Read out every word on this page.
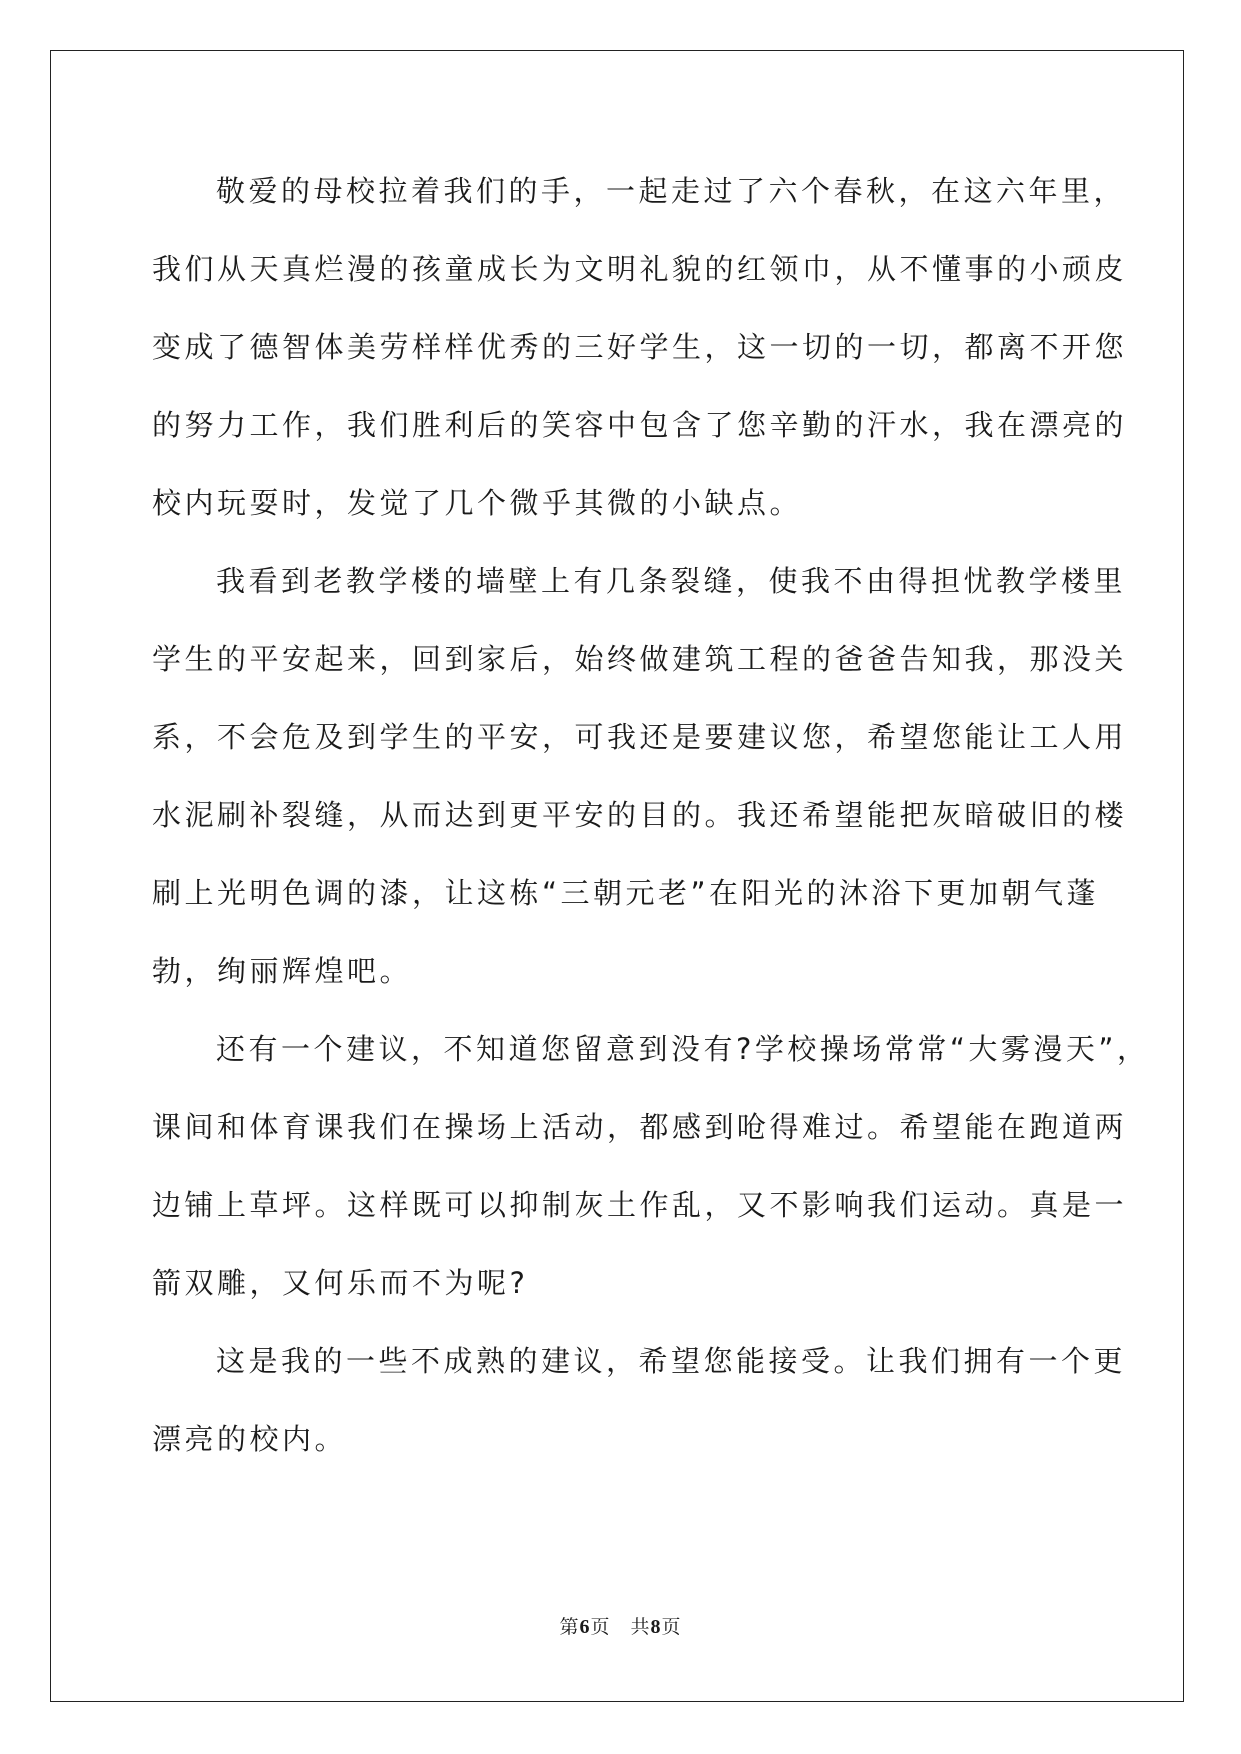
敬爱的母校拉着我们的手，一起走过了六个春秋，在这六年里，
我们从天真烂漫的孩童成长为文明礼貌的红领巾，从不懂事的小顽皮
变成了德智体美劳样样优秀的三好学生，这一切的一切，都离不开您
的努力工作，我们胜利后的笑容中包含了您辛勤的汗水，我在漂亮的
校内玩耍时，发觉了几个微乎其微的小缺点。
我看到老教学楼的墙壁上有几条裂缝，使我不由得担忧教学楼里
学生的平安起来，回到家后，始终做建筑工程的爸爸告知我，那没关
系，不会危及到学生的平安，可我还是要建议您，希望您能让工人用
水泥刷补裂缝，从而达到更平安的目的。我还希望能把灰暗破旧的楼
刷上光明色调的漆，让这栋“三朝元老”在阳光的沐浴下更加朝气蓬
勃，绚丽辉煌吧。
还有一个建议，不知道您留意到没有?学校操场常常“大雾漫天”，
课间和体育课我们在操场上活动，都感到呛得难过。希望能在跑道两
边铺上草坪。这样既可以抑制灰土作乱，又不影响我们运动。真是一
箭双雕，又何乐而不为呢?
这是我的一些不成熟的建议，希望您能接受。让我们拥有一个更
漂亮的校内。
第6页 共8页
